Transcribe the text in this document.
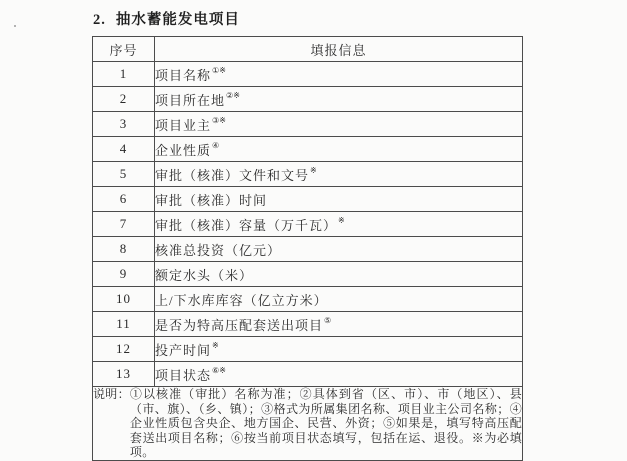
2. 抽水蓄能发电项目
序号	填报信息
1	项目名称①※
2	项目所在地②※
3	项目业主③※
4	企业性质④
5	审批（核准）文件和文号※
6	审批（核准）时间
7	审批（核准）容量（万千瓦）※
8	核准总投资（亿元）
9	额定水头（米）
10	上/下水库库容（亿立方米）
11	是否为特高压配套送出项目⑤
12	投产时间※
13	项目状态⑥※

说明： ①以核准（审批）名称为准；②具体到省（区、市）、市（地区）、县（市、旗）、（乡、镇）；③格式为所属集团名称、项目业主公司名称；④企业性质包含央企、地方国企、民营、外资；⑤如果是，填写特高压配套送出项目名称；⑥按当前项目状态填写，包括在运、退役。※为必填项。	
